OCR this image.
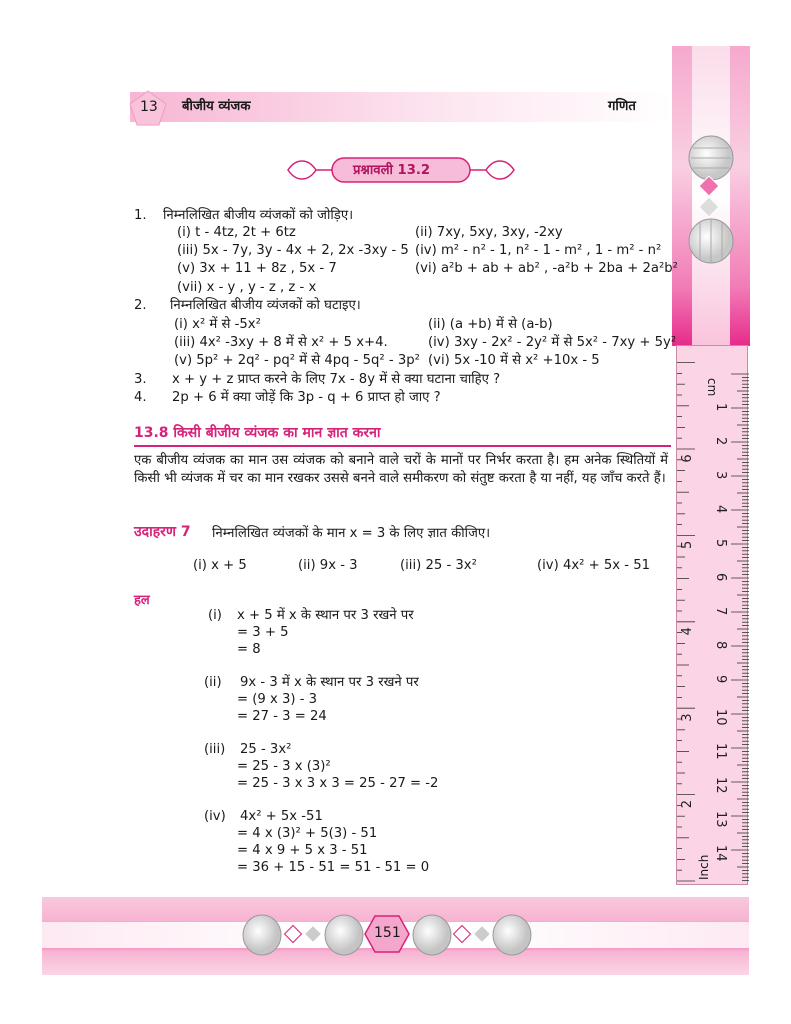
1
2
3
4
5
6
7
8
9
10
11
12
13
14
2
3
4
5
6
cm
Inch
13 बीजीय व्यंजक	गणित
प्रश्नावली 13.2
1. निम्नलिखित बीजीय व्यंजकों को जोड़िए।
(i) t - 4tz, 2t + 6tz	(ii) 7xy, 5xy, 3xy, -2xy
(iii) 5x - 7y, 3y - 4x + 2, 2x -3xy - 5 (iv) m² - n² - 1, n² - 1 - m² , 1 - m² - n²
(v) 3x + 11 + 8z , 5x - 7	(vi) a²b + ab + ab² , -a²b + 2ba + 2a²b²
(vii) x - y , y - z , z - x
2. निम्नलिखित बीजीय व्यंजकों को घटाइए।
(i) x² में से -5x²	(ii) (a +b) में से (a-b)
(iii) 4x² -3xy + 8 में से x² + 5 x+4.	(iv) 3xy - 2x² - 2y² में से 5x² - 7xy + 5y²
(v) 5p² + 2q² - pq² में से 4pq - 5q² - 3p² (vi) 5x -10 में से x² +10x - 5
3. x + y + z प्राप्त करने के लिए 7x - 8y में से क्या घटाना चाहिए ?
4. 2p + 6 में क्या जोड़ें कि 3p - q + 6 प्राप्त हो जाए ?
13.8 किसी बीजीय व्यंजक का मान ज्ञात करना
एक बीजीय व्यंजक का मान उस व्यंजक को बनाने वाले चरों के मानों पर निर्भर करता है। हम अनेक स्थितियों में किसी भी व्यंजक में चर का मान रखकर उससे बनने वाले समीकरण को संतुष्ट करता है या नहीं, यह जाँच करते हैं।
उदाहरण 7 निम्नलिखित व्यंजकों के मान x = 3 के लिए ज्ञात कीजिए।
(i) x + 5	(ii) 9x - 3	(iii) 25 - 3x²	(iv) 4x² + 5x - 51
हल
(i) x + 5 में x के स्थान पर 3 रखने पर
= 3 + 5
= 8
(ii) 9x - 3 में x के स्थान पर 3 रखने पर
= (9 x 3) - 3
= 27 - 3 = 24
(iii) 25 - 3x²
= 25 - 3 x (3)²
= 25 - 3 x 3 x 3 = 25 - 27 = -2
(iv) 4x² + 5x -51
= 4 x (3)² + 5(3) - 51
= 4 x 9 + 5 x 3 - 51
= 36 + 15 - 51 = 51 - 51 = 0
151
